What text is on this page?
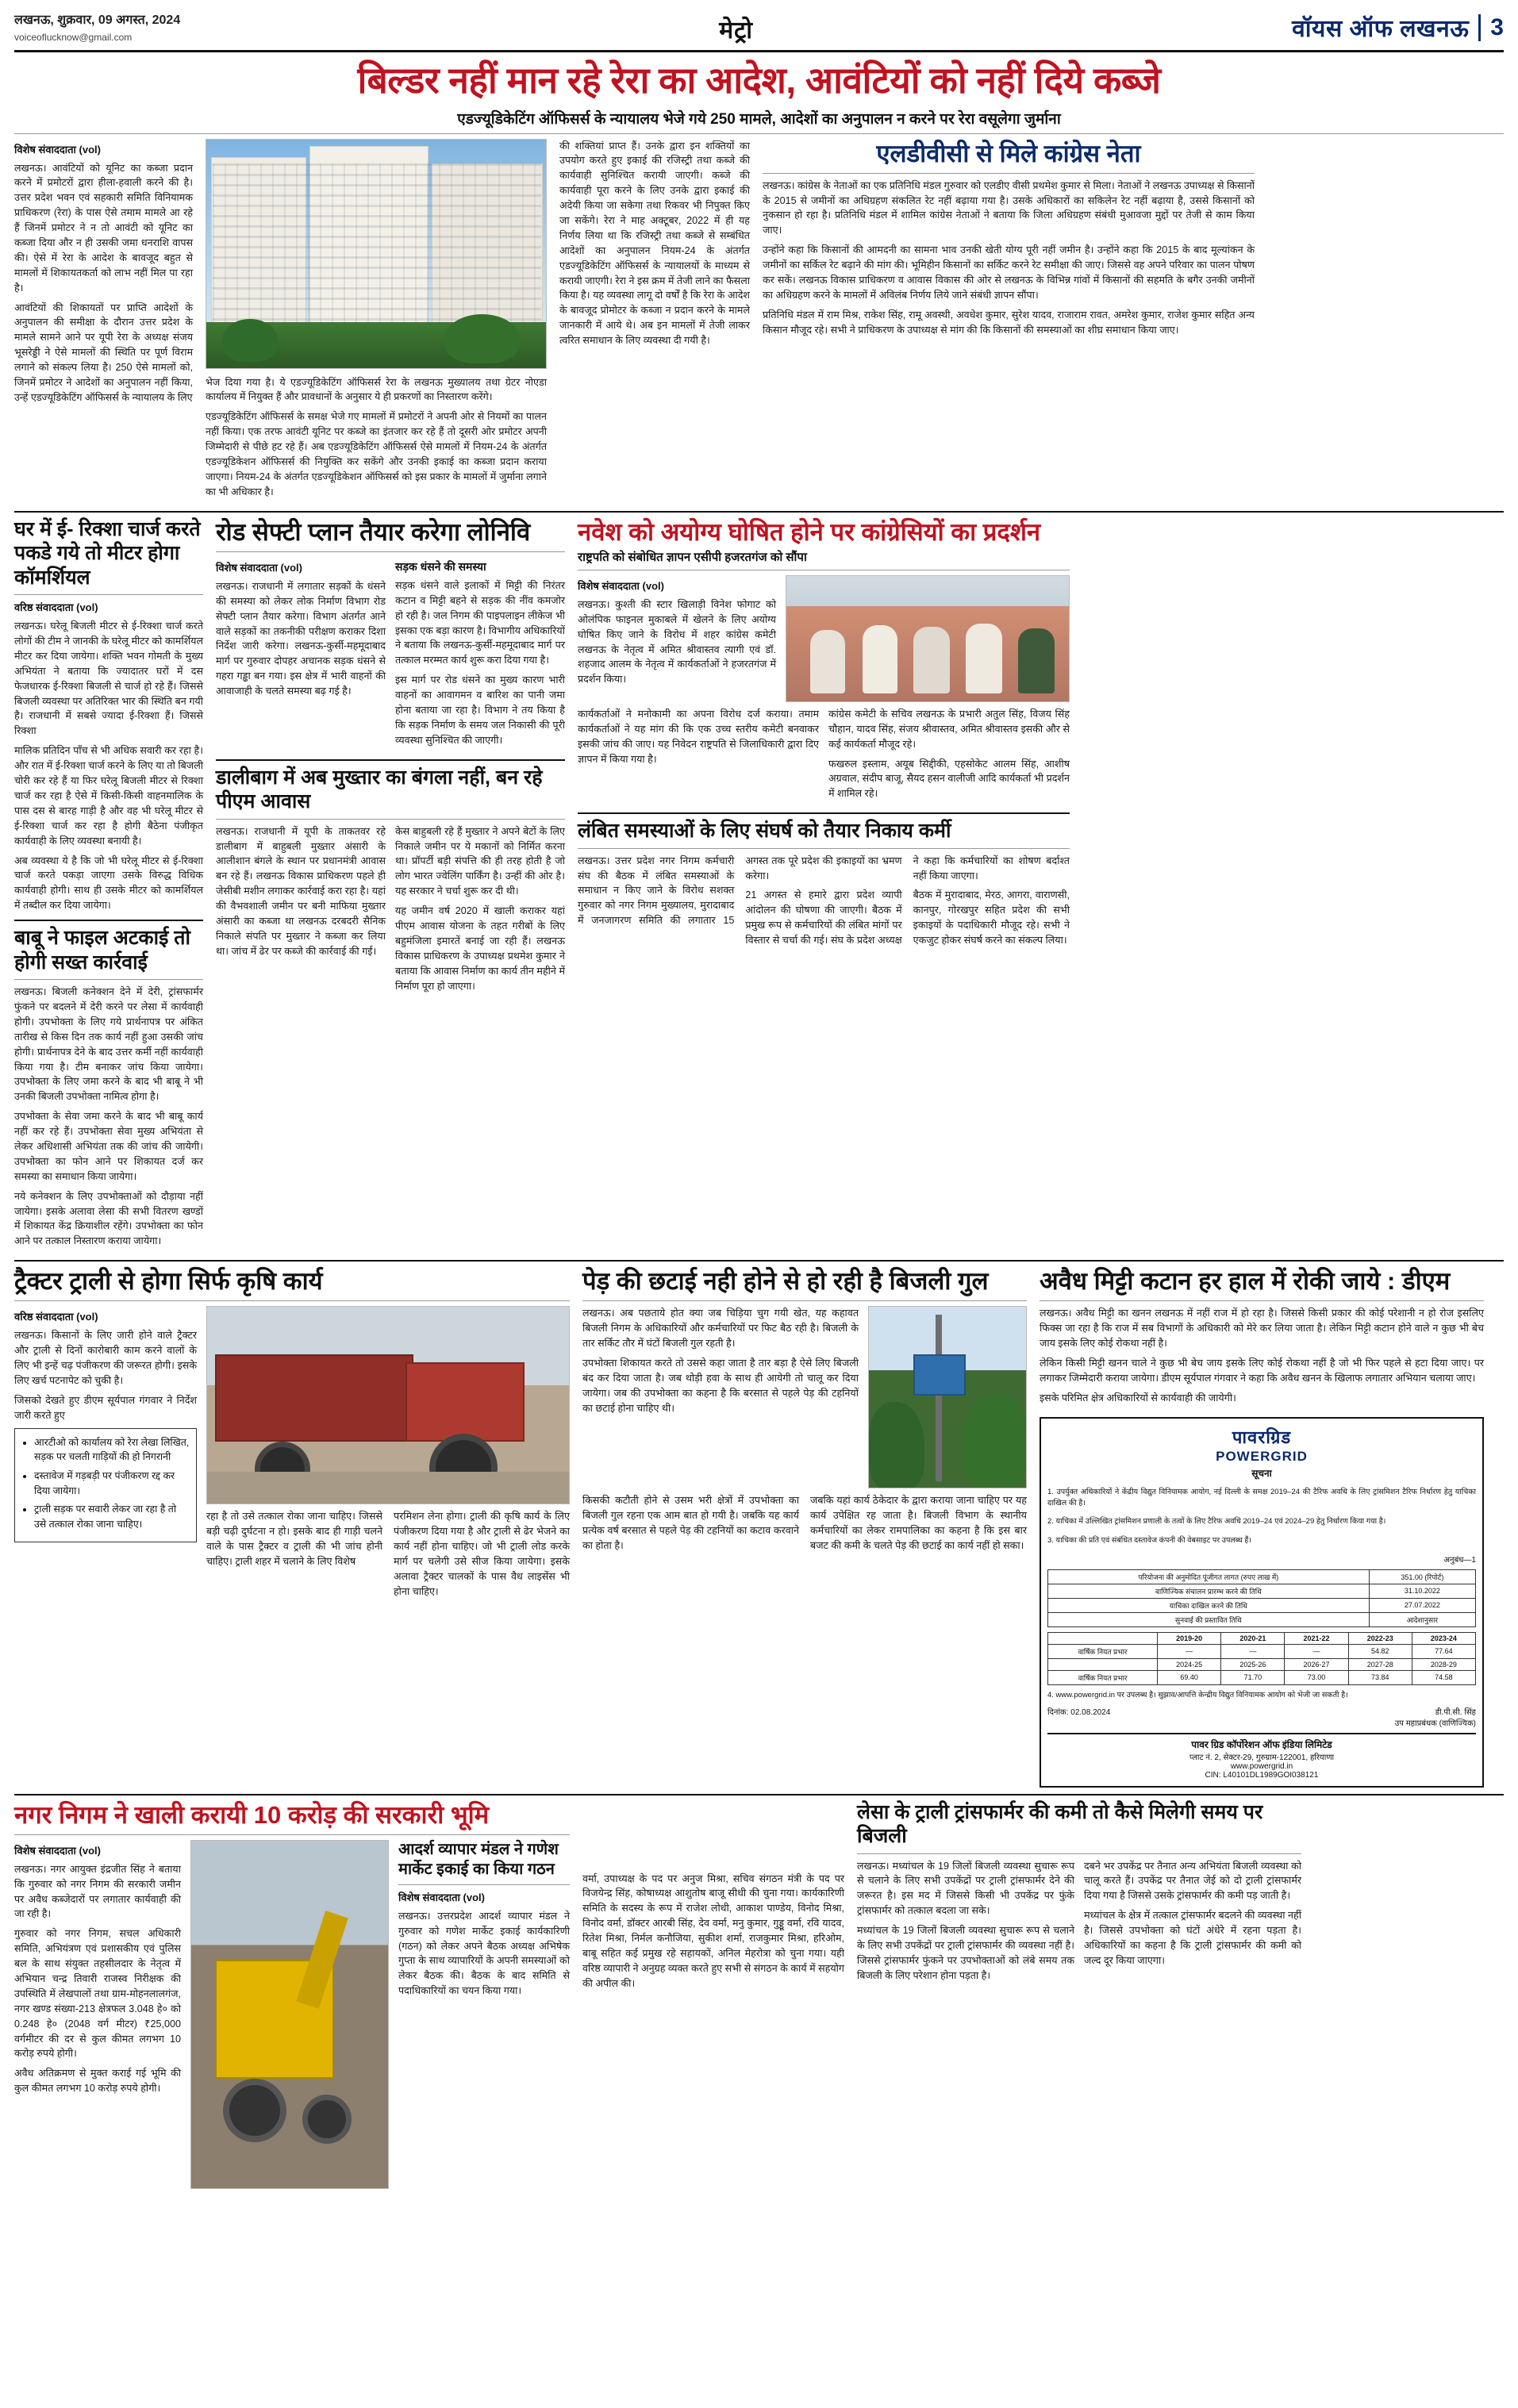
लखनऊ, शुक्रवार, 09 अगस्त, 2024
voiceoflucknow@gmail.com	मेट्रो	वॉयस ऑफ लखनऊ 3
बिल्डर नहीं मान रहे रेरा का आदेश, आवंटियों को नहीं दिये कब्जे
एडज्यूडिकेटिंग ऑफिसर्स के न्यायालय भेजे गये 250 मामले, आदेशों का अनुपालन न करने पर रेरा वसूलेगा जुर्माना
विशेष संवाददाता (vol)

लखनऊ। आवंटियों को यूनिट का कब्जा प्रदान करने में प्रमोटरों द्वारा हीला-हवाली करने की है। उत्तर प्रदेश भवन एवं सहकारी समिति विनियामक प्राधिकरण (रेरा) के पास ऐसे तमाम मामले आ रहे हैं जिनमें प्रमोटर ने न तो आवंटी को यूनिट का कब्जा दिया और न ही उसकी जमा धनराशि वापस की। ऐसे में रेरा के आदेश के बावजूद बहुत से मामलों में शिकायतकर्ता को लाभ नहीं मिल पा रहा है।

आवंटियों की शिकायतों पर प्राप्ति आदेशों के अनुपालन की समीक्षा के दौरान उत्तर प्रदेश के मामले सामने आने पर यूपी रेरा के अध्यक्ष संजय भूसरेड्डी ने ऐसे मामलों की स्थिति पर पूर्ण विराम लगाने को संकल्प लिया है। 250 ऐसे मामलों को, जिनमें प्रमोटर ने आदेशों का अनुपालन नहीं किया, उन्हें एडज्यूडिकेटिंग ऑफिसर्स के न्यायालय के लिए

भेज दिया गया है। ये एडज्यूडिकेटिंग ऑफिसर्स रेरा के लखनऊ मुख्यालय तथा ग्रेटर नोएडा कार्यालय में नियुक्त हैं और प्रावधानों के अनुसार ये ही प्रकरणों का निस्तारण करेंगे।

एडज्यूडिकेटिंग ऑफिसर्स के समक्ष भेजे गए मामलों में प्रमोटरों ने अपनी ओर से नियमों का पालन नहीं किया। एक तरफ आवंटी यूनिट पर कब्जे का इंतजार कर रहे हैं तो दूसरी ओर प्रमोटर अपनी जिम्मेदारी से पीछे हट रहे हैं। अब एडज्यूडिकेटिंग ऑफिसर्स ऐसे मामलों में नियम-24 के अंतर्गत एडज्यूडिकेशन ऑफिसर्स की नियुक्ति कर सकेंगे और उनकी इकाई का कब्जा प्रदान कराया जाएगा। नियम-24 के अंतर्गत एडज्यूडिकेशन ऑफिसर्स को इस प्रकार के मामलों में जुर्माना लगाने का भी अधिकार है।

की शक्तियां प्राप्त हैं। उनके द्वारा इन शक्तियों का उपयोग करते हुए इकाई की रजिस्ट्री तथा कब्जे की कार्यवाही सुनिश्चित करायी जाएगी। कब्जे की कार्यवाही पूरा करने के लिए उनके द्वारा इकाई की अदेयी किया जा सकेगा तथा रिकवर भी निपुक्त किए जा सकेंगे। रेरा ने माह अक्टूबर, 2022 में ही यह निर्णय लिया था कि रजिस्ट्री तथा कब्जे से सम्बंधित आदेशों का अनुपालन नियम-24 के अंतर्गत एडज्यूडिकेटिंग ऑफिसर्स के न्यायालयों के माध्यम से करायी जाएगी। रेरा ने इस क्रम में तेजी लाने का फैसला किया है। यह व्यवस्था लागू दो वर्षों है कि रेरा के आदेश के बावजूद प्रोमोटर के कब्जा न प्रदान करने के मामले जानकारी में आये थे। अब इन मामलों में तेजी लाकर त्वरित समाधान के लिए व्यवस्था दी गयी है।

एलडीवीसी से मिले कांग्रेस नेता

लखनऊ। कांग्रेस के नेताओं का एक प्रतिनिधि मंडल गुरुवार को एलडीए वीसी प्रथमेश कुमार से मिला। नेताओं ने लखनऊ उपाध्यक्ष से किसानों के 2015 से जमीनों का अधिग्रहण संकलित रेट नहीं बढ़ाया गया है। उसके अधिकारों का सकिलेन रेट नहीं बढ़ाया है, उससे किसानों को नुकसान हो रहा है। प्रतिनिधि मंडल में शामिल कांग्रेस नेताओं ने बताया कि जिला अधिग्रहण संबंधी मुआवजा मुद्दों पर तेजी से काम किया जाए।

उन्होंने कहा कि किसानों की आमदनी का सामना भाव उनकी खेती योग्य पूरी नहीं जमीन है। उन्होंने कहा कि 2015 के बाद मूल्यांकन के जमीनों का सर्किल रेट बढ़ाने की मांग की। भूमिहीन किसानों का सर्किट करने रेट समीक्षा की जाए। जिससे वह अपने परिवार का पालन पोषण कर सकें। लखनऊ विकास प्राधिकरण व आवास विकास की ओर से लखनऊ के विभिन्न गांवों में किसानों की सहमति के बगैर उनकी जमीनों का अधिग्रहण करने के मामलों में अविलंब निर्णय लिये जाने संबंधी ज्ञापन सौंपा।

प्रतिनिधि मंडल में राम मिश्र, राकेश सिंह, रामू अवस्थी, अवधेश कुमार, सुरेश यादव, राजाराम रावत, अमरेश कुमार, राजेश कुमार सहित अन्य किसान मौजूद रहे। सभी ने प्राधिकरण के उपाध्यक्ष से मांग की कि किसानों की समस्याओं का शीघ्र समाधान किया जाए।

घर में ई- रिक्शा चार्ज करते पकडे गये तो मीटर होगा कॉमर्शियल
वरिष्ठ संवाददाता (vol)

लखनऊ। घरेलू बिजली मीटर से ई-रिक्शा चार्ज करते लोगों की टीम ने जानकी के घरेलू मीटर को कामर्शियल मीटर कर दिया जायेगा। शक्ति भवन गोमती के मुख्य अभियंता ने बताया कि ज्यादातर घरों में दस फेजधारक ई-रिक्शा बिजली से चार्ज हो रहे हैं। जिससे बिजली व्यवस्था पर अतिरिक्त भार की स्थिति बन गयी है। राजधानी में सबसे ज्यादा ई-रिक्शा हैं। जिससे रिक्शा

मालिक प्रतिदिन पाँच से भी अधिक सवारी कर रहा है। और रात में ई-रिक्शा चार्ज करने के लिए या तो बिजली चोरी कर रहे हैं या फिर घरेलू बिजली मीटर से रिक्शा चार्ज कर रहा है ऐसे में किसी-किसी वाहनमालिक के पास दस से बारह गाड़ी है और वह भी घरेलू मीटर से ई-रिक्शा चार्ज कर रहा है होगी बैठेना पंजीकृत कार्यवाही के लिए व्यवस्था बनायी है।

अब व्यवस्था ये है कि जो भी घरेलू मीटर से ई-रिक्शा चार्ज करते पकड़ा जाएगा उसके विरुद्ध विधिक कार्यवाही होगी। साथ ही उसके मीटर को कामर्शियल में तब्दील कर दिया जायेगा।

बाबू ने फाइल अटकाई तो होगी सख्त कार्रवाई

लखनऊ। बिजली कनेक्शन देने में देरी, ट्रांसफार्मर फुंकने पर बदलने में देरी करने पर लेसा में कार्यवाही होगी। उपभोक्ता के लिए गये प्रार्थनापत्र पर अंकित तारीख से किस दिन तक कार्य नहीं हुआ उसकी जांच होगी। प्रार्थनापत्र देने के बाद उत्तर कर्मी नहीं कार्यवाही किया गया है। टीम बनाकर जांच किया जायेगा। उपभोक्ता के लिए जमा करने के बाद भी बाबू ने भी उनकी बिजली उपभोक्ता नामित्व होगा है।

उपभोक्ता के सेवा जमा करने के बाद भी बाबू कार्य नहीं कर रहे हैं। उपभोक्ता सेवा मुख्य अभियंता से लेकर अधिशासी अभियंता तक की जांच की जायेगी। उपभोक्ता का फोन आने पर शिकायत दर्ज कर समस्या का समाधान किया जायेगा।

नये कनेक्शन के लिए उपभोक्ताओं को दौड़ाया नहीं जायेगा। इसके अलावा लेसा की सभी वितरण खण्डों में शिकायत केंद्र क्रियाशील रहेंगे। उपभोक्ता का फोन आने पर तत्काल निस्तारण कराया जायेगा।

रोड सेफ्टी प्लान तैयार करेगा लोनिवि
विशेष संवाददाता (vol)

लखनऊ। राजधानी में लगातार सड़कों के धंसने की समस्या को लेकर लोक निर्माण विभाग रोड सेफ्टी प्लान तैयार करेगा। विभाग अंतर्गत आने वाले सड़कों का तकनीकी परीक्षण कराकर दिशा निर्देश जारी करेगा। लखनऊ-कुर्सी-महमूदाबाद मार्ग पर गुरुवार दोपहर अचानक सड़क धंसने से गहरा गड्ढा बन गया। इस क्षेत्र में भारी वाहनों की आवाजाही के चलते समस्या बढ़ गई है।

सड़क धंसने की समस्या

सड़क धंसने वाले इलाकों में मिट्टी की निरंतर कटान व मिट्टी बहने से सड़क की नींव कमजोर हो रही है। जल निगम की पाइपलाइन लीकेज भी इसका एक बड़ा कारण है। विभागीय अधिकारियों ने बताया कि लखनऊ-कुर्सी-महमूदाबाद मार्ग पर तत्काल मरम्मत कार्य शुरू करा दिया गया है।

इस मार्ग पर रोड धंसने का मुख्य कारण भारी वाहनों का आवागमन व बारिश का पानी जमा होना बताया जा रहा है। विभाग ने तय किया है कि सड़क निर्माण के समय जल निकासी की पूरी व्यवस्था सुनिश्चित की जाएगी।

डालीबाग में अब मुख्तार का बंगला नहीं, बन रहे पीएम आवास

लखनऊ। राजधानी में यूपी के ताकतवर रहे डालीबाग में बाहुबली मुख्तार अंसारी के आलीशान बंगले के स्थान पर प्रधानमंत्री आवास बन रहे हैं। लखनऊ विकास प्राधिकरण पहले ही जेसीबी मशीन लगाकर कार्रवाई करा रहा है। यहां की वैभवशाली जमीन पर बनी माफिया मुख्तार अंसारी का कब्जा था लखनऊ दरबदरी सैनिक निकाले संपति पर मुख्तार ने कब्जा कर लिया था। जांच में ढेर पर कब्जे की कार्रवाई की गई।

केस बाहुबली रहे हैं मुख्तार ने अपने बेटों के लिए निकाले जमीन पर ये मकानों को निर्मित करना था। प्रॉपर्टी बड़ी संपत्ति की ही तरह होती है जो लोग भारत ज्वेलिंग पार्किंग है। उन्हीं की ओर है। यह सरकार ने चर्चा शुरू कर दी थी।

यह जमीन वर्ष 2020 में खाली कराकर यहां पीएम आवास योजना के तहत गरीबों के लिए बहुमंजिला इमारतें बनाई जा रही हैं। लखनऊ विकास प्राधिकरण के उपाध्यक्ष प्रथमेश कुमार ने बताया कि आवास निर्माण का कार्य तीन महीने में निर्माण पूरा हो जाएगा।

नवेश को अयोग्य घोषित होने पर कांग्रेसियों का प्रदर्शन
राष्ट्रपति को संबोधित ज्ञापन एसीपी हजरतगंज को सौंपा
विशेष संवाददाता (vol)

लखनऊ। कुश्ती की स्टार खिलाड़ी विनेश फोगाट को ओलंपिक फाइनल मुकाबले में खेलने के लिए अयोग्य घोषित किए जाने के विरोध में शहर कांग्रेस कमेटी लखनऊ के नेतृत्व में अमित श्रीवास्तव त्यागी एवं डॉ. शहजाद आलम के नेतृत्व में कार्यकर्ताओं ने हजरतगंज में प्रदर्शन किया।

कार्यकर्ताओं ने मनोकामी का अपना विरोध दर्ज कराया। तमाम कार्यकर्ताओं ने यह मांग की कि एक उच्च स्तरीय कमेटी बनवाकर इसकी जांच की जाए। यह निवेदन राष्ट्रपति से जिलाधिकारी द्वारा दिए ज्ञापन में किया गया है।

कांग्रेस कमेटी के सचिव लखनऊ के प्रभारी अतुल सिंह, विजय सिंह चौहान, यादव सिंह, संजय श्रीवास्तव, अमित श्रीवास्तव इसकी और से कई कार्यकर्ता मौजूद रहे।

फखरुल इस्लाम, अयूब सिद्दीकी, एहसोकेट आलम सिंह, आशीष अग्रवाल, संदीप बाजू, सैयद हसन वालीजी आदि कार्यकर्ता भी प्रदर्शन में शामिल रहे।

लंबित समस्याओं के लिए संघर्ष को तैयार निकाय कर्मी

लखनऊ। उत्तर प्रदेश नगर निगम कर्मचारी संघ की बैठक में लंबित समस्याओं के समाधान न किए जाने के विरोध सशक्त गुरुवार को नगर निगम मुख्यालय, मुरादाबाद में जनजागरण समिति की लगातार 15 अगस्त तक पूरे प्रदेश की इकाइयों का भ्रमण करेगा।

21 अगस्त से हमारे द्वारा प्रदेश व्यापी आंदोलन की घोषणा की जाएगी। बैठक में प्रमुख रूप से कर्मचारियों की लंबित मांगों पर विस्तार से चर्चा की गई। संघ के प्रदेश अध्यक्ष ने कहा कि कर्मचारियों का शोषण बर्दाश्त नहीं किया जाएगा।

बैठक में मुरादाबाद, मेरठ, आगरा, वाराणसी, कानपुर, गोरखपुर सहित प्रदेश की सभी इकाइयों के पदाधिकारी मौजूद रहे। सभी ने एकजुट होकर संघर्ष करने का संकल्प लिया।

ट्रैक्टर ट्राली से होगा सिर्फ कृषि कार्य
वरिष्ठ संवाददाता (vol)

लखनऊ। किसानों के लिए जारी होने वाले ट्रैक्टर और ट्राली से दिनों कारोबारी काम करने वालों के लिए भी इन्हें चढ़ पंजीकरण की जरूरत होगी। इसके लिए खर्च पटनापेट को चुकी है।

जिसको देखते हुए डीएम सूर्यपाल गंगवार ने निर्देश जारी करते हुए

• आरटीओ को कार्यालय को रेरा लेखा लिखित, सड़क पर चलती गाड़ियों की हो निगरानी
• दस्तावेज में गड़बड़ी पर पंजीकरण रद्द कर दिया जायेगा।
• ट्राली सड़क पर सवारी लेकर जा रहा है तो उसे तत्काल रोका जाना चाहिए।

रहा है तो उसे तत्काल रोका जाना चाहिए। जिससे बड़ी चढ़ी दुर्घटना न हो। इसके बाद ही गाड़ी चलने वाले के पास ट्रैक्टर व ट्राली की भी जांच होनी चाहिए। ट्राली शहर में चलाने के लिए विशेष

परमिशन लेना होगा। ट्राली की कृषि कार्य के लिए पंजीकरण दिया गया है और ट्राली से ढेर भेजने का कार्य नहीं होना चाहिए। जो भी ट्राली लोड करके मार्ग पर चलेगी उसे सीज किया जायेगा। इसके अलावा ट्रैक्टर चालकों के पास वैध लाइसेंस भी होना चाहिए।

पेड़ की छटाई नही होने से हो रही है बिजली गुल

लखनऊ। अब पछताये होत क्या जब चिड़िया चुग गयी खेत, यह कहावत बिजली निगम के अधिकारियों और कर्मचारियों पर फिट बैठ रही है। बिजली के तार सर्किट तौर में घंटों बिजली गुल रहती है।

उपभोक्ता शिकायत करते तो उससे कहा जाता है तार बड़ा है ऐसे लिए बिजली बंद कर दिया जाता है। जब थोड़ी हवा के साथ ही आयेगी तो चालू कर दिया जायेगा। जब की उपभोक्ता का कहना है कि बरसात से पहले पेड़ की टहनियों का छटाई होना चाहिए थी।

किसकी कटौती होने से उसम भरी क्षेत्रों में उपभोक्ता का बिजली गुल रहना एक आम बात हो गयी है। जबकि यह कार्य प्रत्येक वर्ष बरसात से पहले पेड़ की टहनियों का कटाव करवाने का होता है।

जबकि यहां कार्य ठेकेदार के द्वारा कराया जाना चाहिए पर यह कार्य उपेक्षित रह जाता है। बिजली विभाग के स्थानीय कर्मचारियों का लेकर रामपालिका का कहना है कि इस बार बजट की कमी के चलते पेड़ की छटाई का कार्य नहीं हो सका।

अवैध मिट्टी कटान हर हाल में रोकी जाये : डीएम

लखनऊ। अवैध मिट्टी का खनन लखनऊ में नहीं राज में हो रहा है। जिससे किसी प्रकार की कोई परेशानी न हो रोज इसलिए फिक्स जा रहा है कि राज में सब विभागों के अधिकारी को मेरे कर लिया जाता है। लेकिन मिट्टी कटान होने वाले न कुछ भी बेच जाय इसके लिए कोई रोकथा नहीं है।

लेकिन किसी मिट्टी खनन चाले ने कुछ भी बेच जाय इसके लिए कोई रोकथा नहीं है जो भी फिर पहले से हटा दिया जाए। पर लगाकर जिम्मेदारी कराया जायेगा। डीएम सूर्यपाल गंगवार ने कहा कि अवैध खनन के खिलाफ लगातार अभियान चलाया जाए।

इसके परिमित क्षेत्र अधिकारियों से कार्यवाही की जायेगी।

पावरग्रिड
POWERGRID
सूचना

1. उपर्युक्त अधिकारियों ने केंद्रीय विद्युत विनियामक आयोग, नई दिल्ली के समक्ष 2019–24 की टैरिफ अवधि के लिए ट्रांसमिशन टैरिफ निर्धारण हेतु याचिका दाखिल की है।

2. याचिका में उल्लिखित ट्रांसमिशन प्रणाली के तत्वों के लिए टैरिफ अवधि 2019–24 एवं 2024–29 हेतु निर्धारण किया गया है।

3. याचिका की प्रति एवं संबंधित दस्तावेज कंपनी की वेबसाइट पर उपलब्ध हैं।

अनुबंध—1
परियोजना की अनुमोदित पूंजीगत लागत (रुपए लाख में)	351.00 (रिपोर्ट)
वाणिज्यिक संचालन प्रारम्भ करने की तिथि	31.10.2022
याचिका दाखिल करने की तिथि	27.07.2022
सुनवाई की प्रस्तावित तिथि	आदेशानुसार
	2019-20	2020-21	2021-22	2022-23	2023-24
वार्षिक नियत प्रभार	—	—	—	54.82	77.64
	2024-25	2025-26	2026-27	2027-28	2028-29
वार्षिक नियत प्रभार	69.40	71.70	73.00	73.84	74.58
4. www.powergrid.in पर उपलब्ध है। सुझाव/आपत्ति केन्द्रीय विद्युत विनियामक आयोग को भेजी जा सकती है।
दिनांक: 02.08.2024	डी.पी.सी. सिंह
उप महाप्रबंधक (वाणिज्यिक)
पावर ग्रिड कॉर्पोरेशन ऑफ इंडिया लिमिटेड
प्लाट नं. 2, सेक्टर-29, गुरुग्राम-122001, हरियाणा
www.powergrid.in
CIN: L40101DL1989GOI038121
नगर निगम ने खाली करायी 10 करोड़ की सरकारी भूमि
विशेष संवाददाता (vol)

लखनऊ। नगर आयुक्त इंद्रजीत सिंह ने बताया कि गुरुवार को नगर निगम की सरकारी जमीन पर अवैध कब्जेदारों पर लगातार कार्यवाही की जा रही है।

गुरुवार को नगर निगम, सचल अधिकारी समिति, अभियंत्रण एवं प्रशासकीय एवं पुलिस बल के साथ संयुक्त तहसीलदार के नेतृत्व में अभियान चन्द्र तिवारी राजस्व निरीक्षक की उपस्थिति में लेखपालों तथा ग्राम-मोहनलालगंज, नगर खण्ड संख्या-213 क्षेत्रफल 3.048 हे० को 0.248 हे० (2048 वर्ग मीटर) ₹25,000 वर्गमीटर की दर से कुल कीमत लगभग 10 करोड़ रुपये होगी।

अवैध अतिक्रमण से मुक्त कराई गई भूमि की कुल कीमत लगभग 10 करोड़ रुपये होगी।

आदर्श व्यापार मंडल ने गणेश मार्केट इकाई का किया गठन
विशेष संवाददाता (vol)

लखनऊ। उत्तरप्रदेश आदर्श व्यापार मंडल ने गुरुवार को गणेश मार्केट इकाई कार्यकारिणी (गठन) को लेकर अपने बैठक अध्यक्ष अभिषेक गुप्ता के साथ व्यापारियों के अपनी समस्याओं को लेकर बैठक की। बैठक के बाद समिति से पदाधिकारियों का चयन किया गया।

वर्मा, उपाध्यक्ष के पद पर अनुज मिश्रा, सचिव संगठन मंत्री के पद पर विजयेन्द्र सिंह, कोषाध्यक्ष आशुतोष बाजू सीधी की चुना गया। कार्यकारिणी समिति के सदस्य के रूप में राजेश लोधी, आकाश पाण्डेय, विनोद मिश्रा, विनोद वर्मा, डॉक्टर आरबी सिंह, देव वर्मा, मनु कुमार, गुड्डू वर्मा, रवि यादव, रितेश मिश्रा, निर्मल कनौजिया, सुकीश शर्मा, राजकुमार मिश्रा, हरिओम, बाबू सहित कई प्रमुख रहे सहायकों, अनिल मेहरोत्रा को चुना गया। यही वरिष्ठ व्यापारी ने अनुग्रह व्यक्त करते हुए सभी से संगठन के कार्य में सहयोग की अपील की।

लेसा के ट्राली ट्रांसफार्मर की कमी तो कैसे मिलेगी समय पर बिजली

लखनऊ। मध्यांचल के 19 जिलों बिजली व्यवस्था सुचारू रूप से चलाने के लिए सभी उपकेंद्रों पर ट्राली ट्रांसफार्मर देने की जरूरत है। इस मद में जिससे किसी भी उपकेंद्र पर फुंके ट्रांसफार्मर को तत्काल बदला जा सके।

मध्यांचल के 19 जिलों बिजली व्यवस्था सुचारू रूप से चलाने के लिए सभी उपकेंद्रों पर ट्राली ट्रांसफार्मर की व्यवस्था नहीं है। जिससे ट्रांसफार्मर फुंकने पर उपभोक्ताओं को लंबे समय तक बिजली के लिए परेशान होना पड़ता है।

दबने भर उपकेंद्र पर तैनात अन्य अभियंता बिजली व्यवस्था को चालू करते हैं। उपकेंद्र पर तैनात जेई को दो ट्राली ट्रांसफार्मर दिया गया है जिससे उसके ट्रांसफार्मर की कमी पड़ जाती है।

मध्यांचल के क्षेत्र में तत्काल ट्रांसफार्मर बदलने की व्यवस्था नहीं है। जिससे उपभोक्ता को घंटों अंधेरे में रहना पड़ता है। अधिकारियों का कहना है कि ट्राली ट्रांसफार्मर की कमी को जल्द दूर किया जाएगा।
